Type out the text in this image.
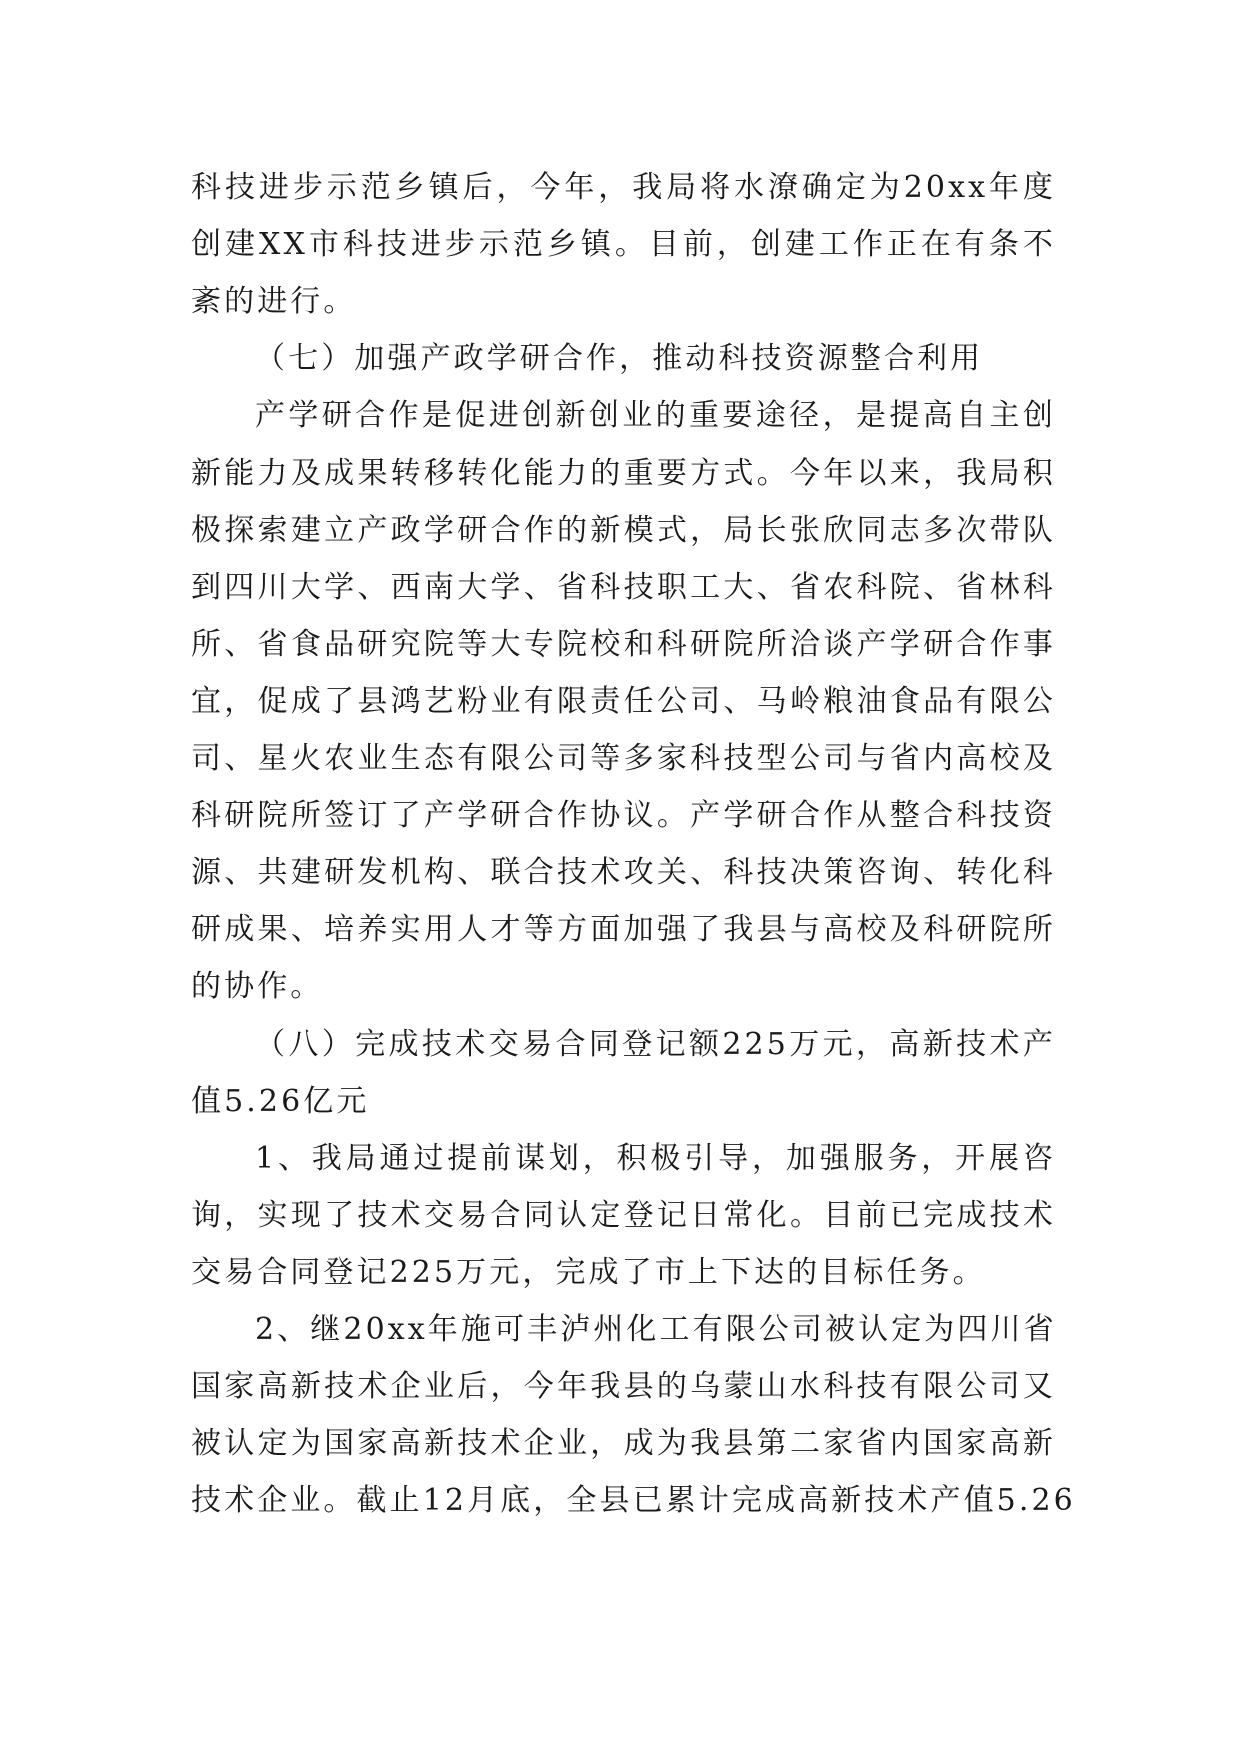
科技进步示范乡镇后，今年，我局将水潦确定为20xx年度
创建XX市科技进步示范乡镇。目前，创建工作正在有条不
紊的进行。
（七）加强产政学研合作，推动科技资源整合利用
产学研合作是促进创新创业的重要途径，是提高自主创
新能力及成果转移转化能力的重要方式。今年以来，我局积
极探索建立产政学研合作的新模式，局长张欣同志多次带队
到四川大学、西南大学、省科技职工大、省农科院、省林科
所、省食品研究院等大专院校和科研院所洽谈产学研合作事
宜，促成了县鸿艺粉业有限责任公司、马岭粮油食品有限公
司、星火农业生态有限公司等多家科技型公司与省内高校及
科研院所签订了产学研合作协议。产学研合作从整合科技资
源、共建研发机构、联合技术攻关、科技决策咨询、转化科
研成果、培养实用人才等方面加强了我县与高校及科研院所
的协作。
（八）完成技术交易合同登记额225万元，高新技术产
值5.26亿元
1、我局通过提前谋划，积极引导，加强服务，开展咨
询，实现了技术交易合同认定登记日常化。目前已完成技术
交易合同登记225万元，完成了市上下达的目标任务。
2、继20xx年施可丰泸州化工有限公司被认定为四川省
国家高新技术企业后，今年我县的乌蒙山水科技有限公司又
被认定为国家高新技术企业，成为我县第二家省内国家高新
技术企业。截止12月底，全县已累计完成高新技术产值5.26
